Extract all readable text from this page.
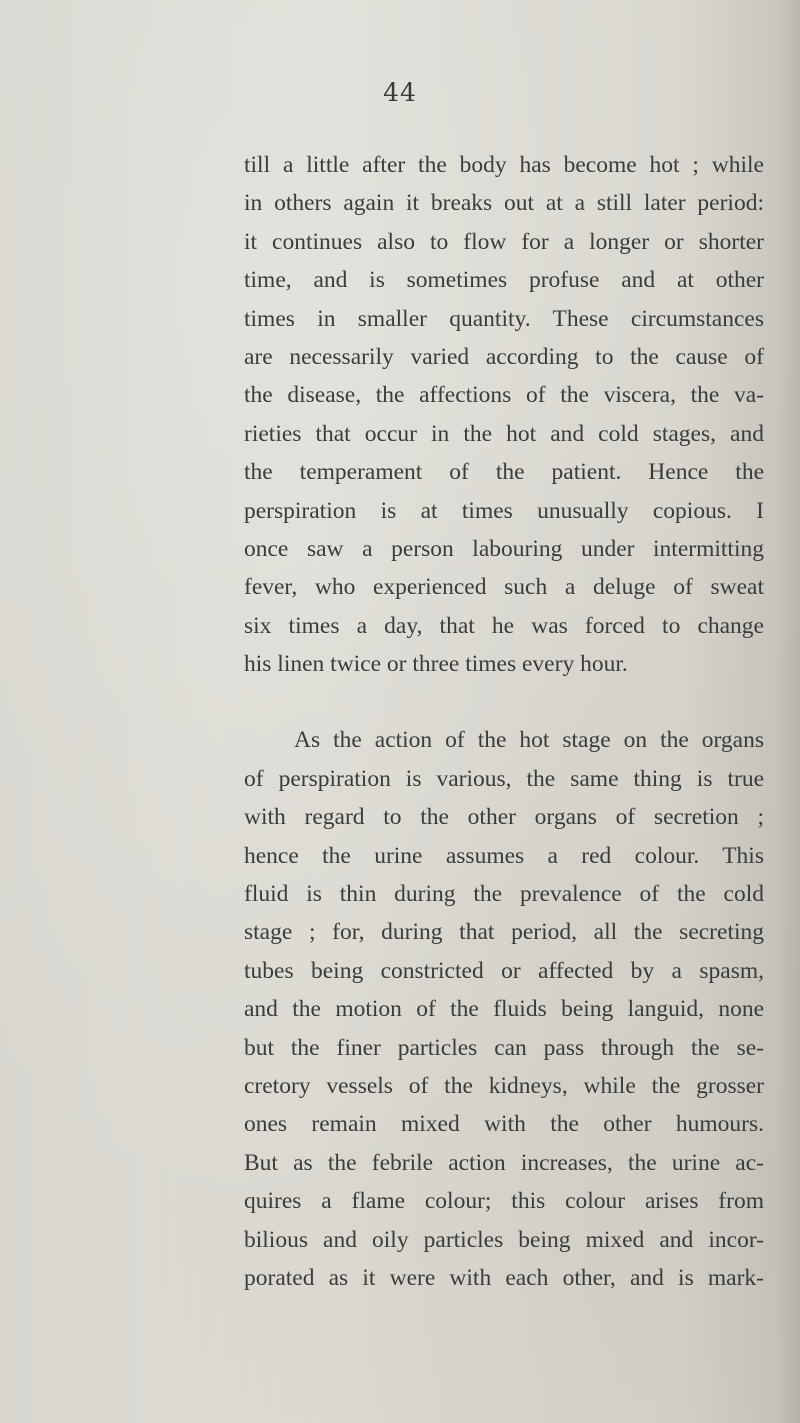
44
till a little after the body has become hot ; while
in others again it breaks out at a still later period:
it continues also to flow for a longer or shorter
time, and is sometimes profuse and at other
times in smaller quantity. These circumstances
are necessarily varied according to the cause of
the disease, the affections of the viscera, the va-
rieties that occur in the hot and cold stages, and
the temperament of the patient. Hence the
perspiration is at times unusually copious. I
once saw a person labouring under intermitting
fever, who experienced such a deluge of sweat
six times a day, that he was forced to change
his linen twice or three times every hour.
As the action of the hot stage on the organs
of perspiration is various, the same thing is true
with regard to the other organs of secretion ;
hence the urine assumes a red colour. This
fluid is thin during the prevalence of the cold
stage ; for, during that period, all the secreting
tubes being constricted or affected by a spasm,
and the motion of the fluids being languid, none
but the finer particles can pass through the se-
cretory vessels of the kidneys, while the grosser
ones remain mixed with the other humours.
But as the febrile action increases, the urine ac-
quires a flame colour; this colour arises from
bilious and oily particles being mixed and incor-
porated as it were with each other, and is mark-
